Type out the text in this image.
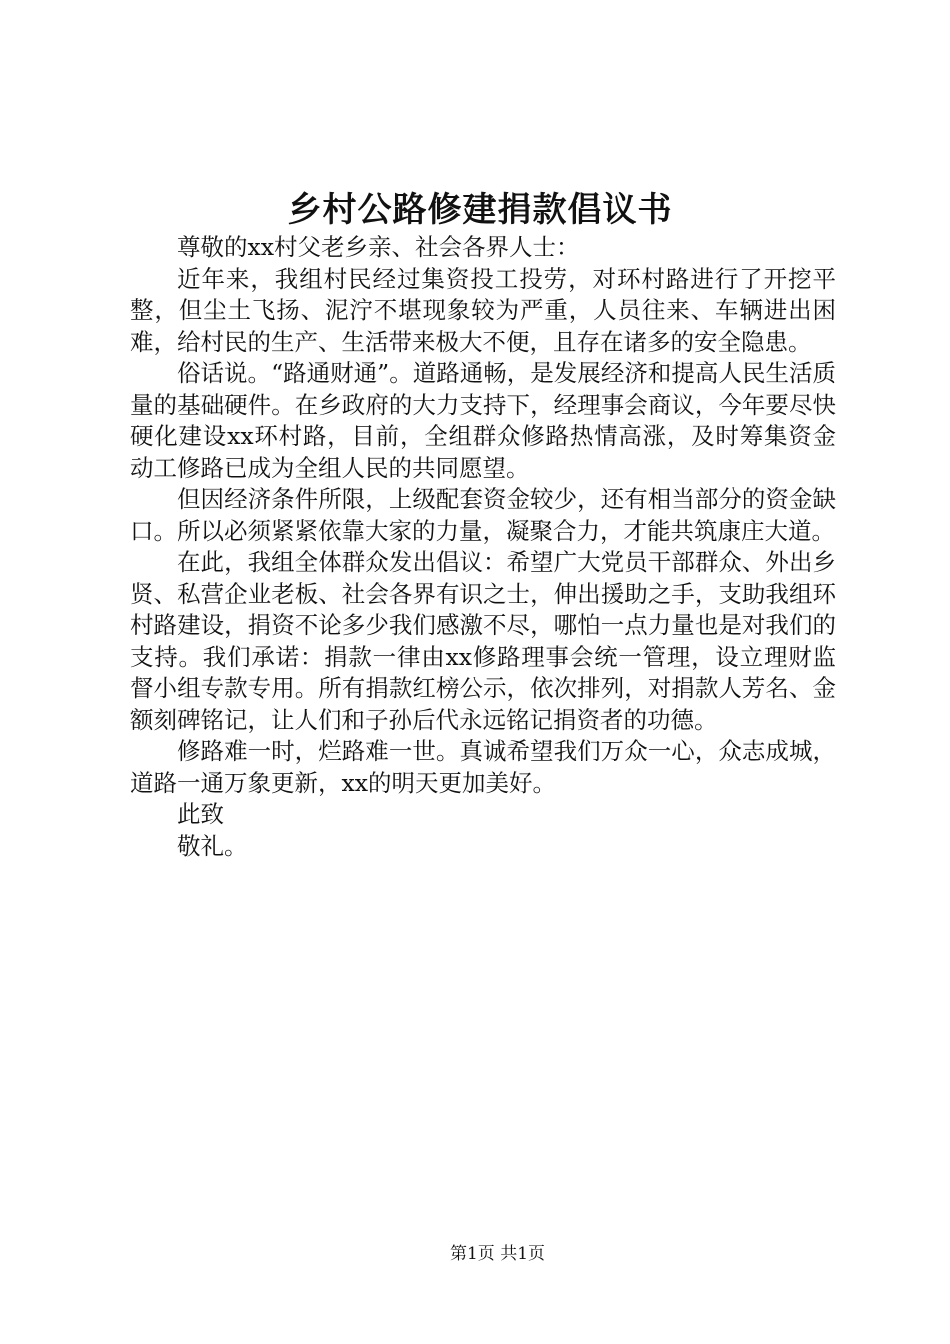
乡村公路修建捐款倡议书

尊敬的xx村父老乡亲、社会各界人士：

近年来，我组村民经过集资投工投劳，对环村路进行了开挖平整，但尘土飞扬、泥泞不堪现象较为严重，人员往来、车辆进出困难，给村民的生产、生活带来极大不便，且存在诸多的安全隐患。

俗话说。“路通财通”。道路通畅，是发展经济和提高人民生活质量的基础硬件。在乡政府的大力支持下，经理事会商议，今年要尽快硬化建设xx环村路，目前，全组群众修路热情高涨，及时筹集资金动工修路已成为全组人民的共同愿望。

但因经济条件所限，上级配套资金较少，还有相当部分的资金缺口。所以必须紧紧依靠大家的力量，凝聚合力，才能共筑康庄大道。

在此，我组全体群众发出倡议：希望广大党员干部群众、外出乡贤、私营企业老板、社会各界有识之士，伸出援助之手，支助我组环村路建设，捐资不论多少我们感激不尽，哪怕一点力量也是对我们的支持。我们承诺：捐款一律由xx修路理事会统一管理，设立理财监督小组专款专用。所有捐款红榜公示，依次排列，对捐款人芳名、金额刻碑铭记，让人们和子孙后代永远铭记捐资者的功德。

修路难一时，烂路难一世。真诚希望我们万众一心，众志成城，道路一通万象更新，xx的明天更加美好。

此致

敬礼。

第1页 共1页
